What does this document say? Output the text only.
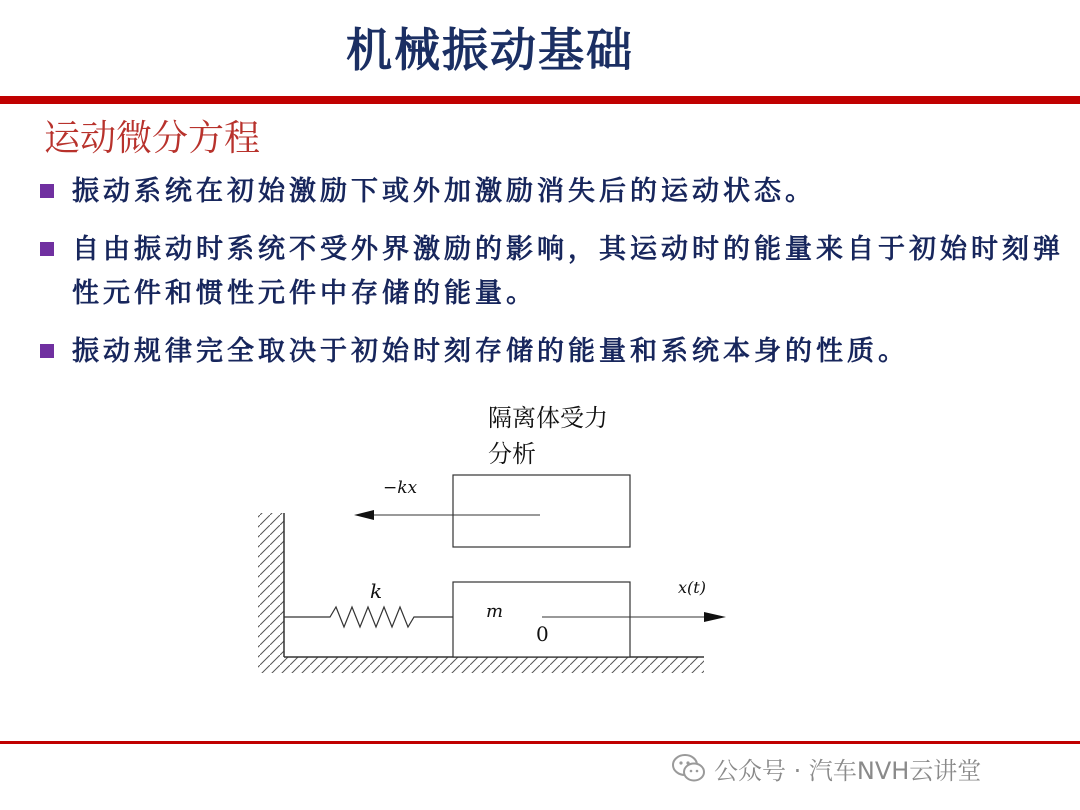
机械振动基础
运动微分方程
振动系统在初始激励下或外加激励消失后的运动状态。
自由振动时系统不受外界激励的影响，其运动时的能量来自于初始时刻弹性元件和惯性元件中存储的能量。
振动规律完全取决于初始时刻存储的能量和系统本身的性质。
隔离体受力分析
−kx
k
m
0
x(t)
公众号 · 汽车NVH云讲堂
